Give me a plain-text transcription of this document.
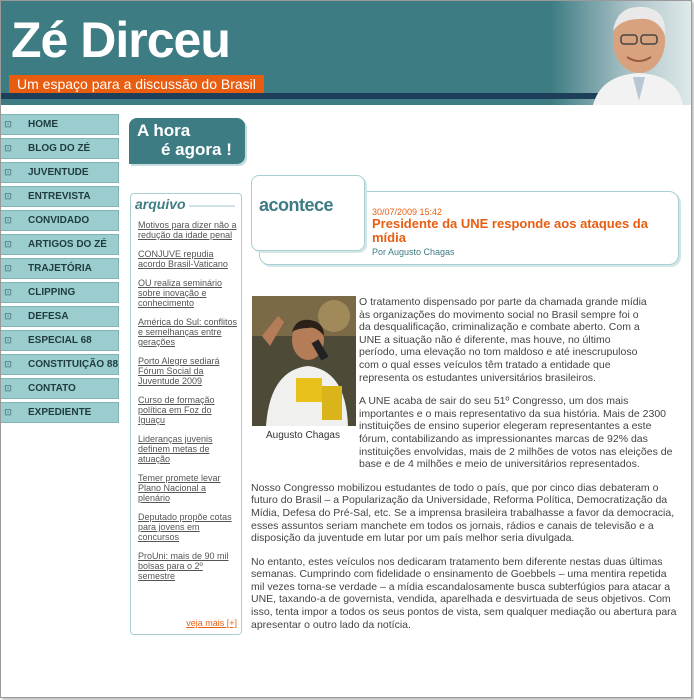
Zé Dirceu
Um espaço para a discussão do Brasil
⊡	HOME
⊡	BLOG DO ZÉ
⊡	JUVENTUDE
⊡	ENTREVISTA
⊡	CONVIDADO
⊡	ARTIGOS DO ZÉ
⊡	TRAJETÓRIA
⊡	CLIPPING
⊡	DEFESA
⊡	ESPECIAL 68
⊡	CONSTITUIÇÃO 88
⊡	CONTATO
⊡	EXPEDIENTE
A hora
é agora !
arquivo
Motivos para dizer não a redução da idade penal
CONJUVE repudia acordo Brasil-Vaticano
OU realiza seminário sobre inovação e conhecimento
América do Sul: conflitos e semelhanças entre gerações
Porto Alegre sediará Fórum Social da Juventude 2009
Curso de formação política em Foz do Iguaçu
Lideranças juvenis definem metas de atuação
Temer promete levar Plano Nacional a plenário
Deputado propõe cotas para jovens em concursos
ProUni: mais de 90 mil bolsas para o 2º semestre
veja mais [+]
acontece	30/07/2009 15:42
Presidente da UNE responde aos ataques da mídia
Por Augusto Chagas
Augusto Chagas

O tratamento dispensado por parte da chamada grande mídia às organizações do movimento social no Brasil sempre foi o da desqualificação, criminalização e combate aberto. Com a UNE a situação não é diferente, mas houve, no último período, uma elevação no tom maldoso e até inescrupuloso com o qual esses veículos têm tratado a entidade que representa os estudantes universitários brasileiros.

A UNE acaba de sair do seu 51º Congresso, um dos mais importantes e o mais representativo da sua história. Mais de 2300 instituições de ensino superior elegeram representantes a este fórum, contabilizando as impressionantes marcas de 92% das instituições envolvidas, mais de 2 milhões de votos nas eleições de base e de 4 milhões e meio de universitários representados.

Nosso Congresso mobilizou estudantes de todo o país, que por cinco dias debateram o futuro do Brasil – a Popularização da Universidade, Reforma Política, Democratização da Mídia, Defesa do Pré-Sal, etc. Se a imprensa brasileira trabalhasse a favor da democracia, esses assuntos seriam manchete em todos os jornais, rádios e canais de televisão e a disposição da juventude em lutar por um país melhor seria divulgada.

No entanto, estes veículos nos dedicaram tratamento bem diferente nestas duas últimas semanas. Cumprindo com fidelidade o ensinamento de Goebbels – uma mentira repetida mil vezes torna-se verdade – a mídia escandalosamente busca subterfúgios para atacar a UNE, taxando-a de governista, vendida, aparelhada e desvirtuada de seus objetivos. Com isso, tenta impor a todos os seus pontos de vista, sem qualquer mediação ou abertura para apresentar o outro lado da notícia.
